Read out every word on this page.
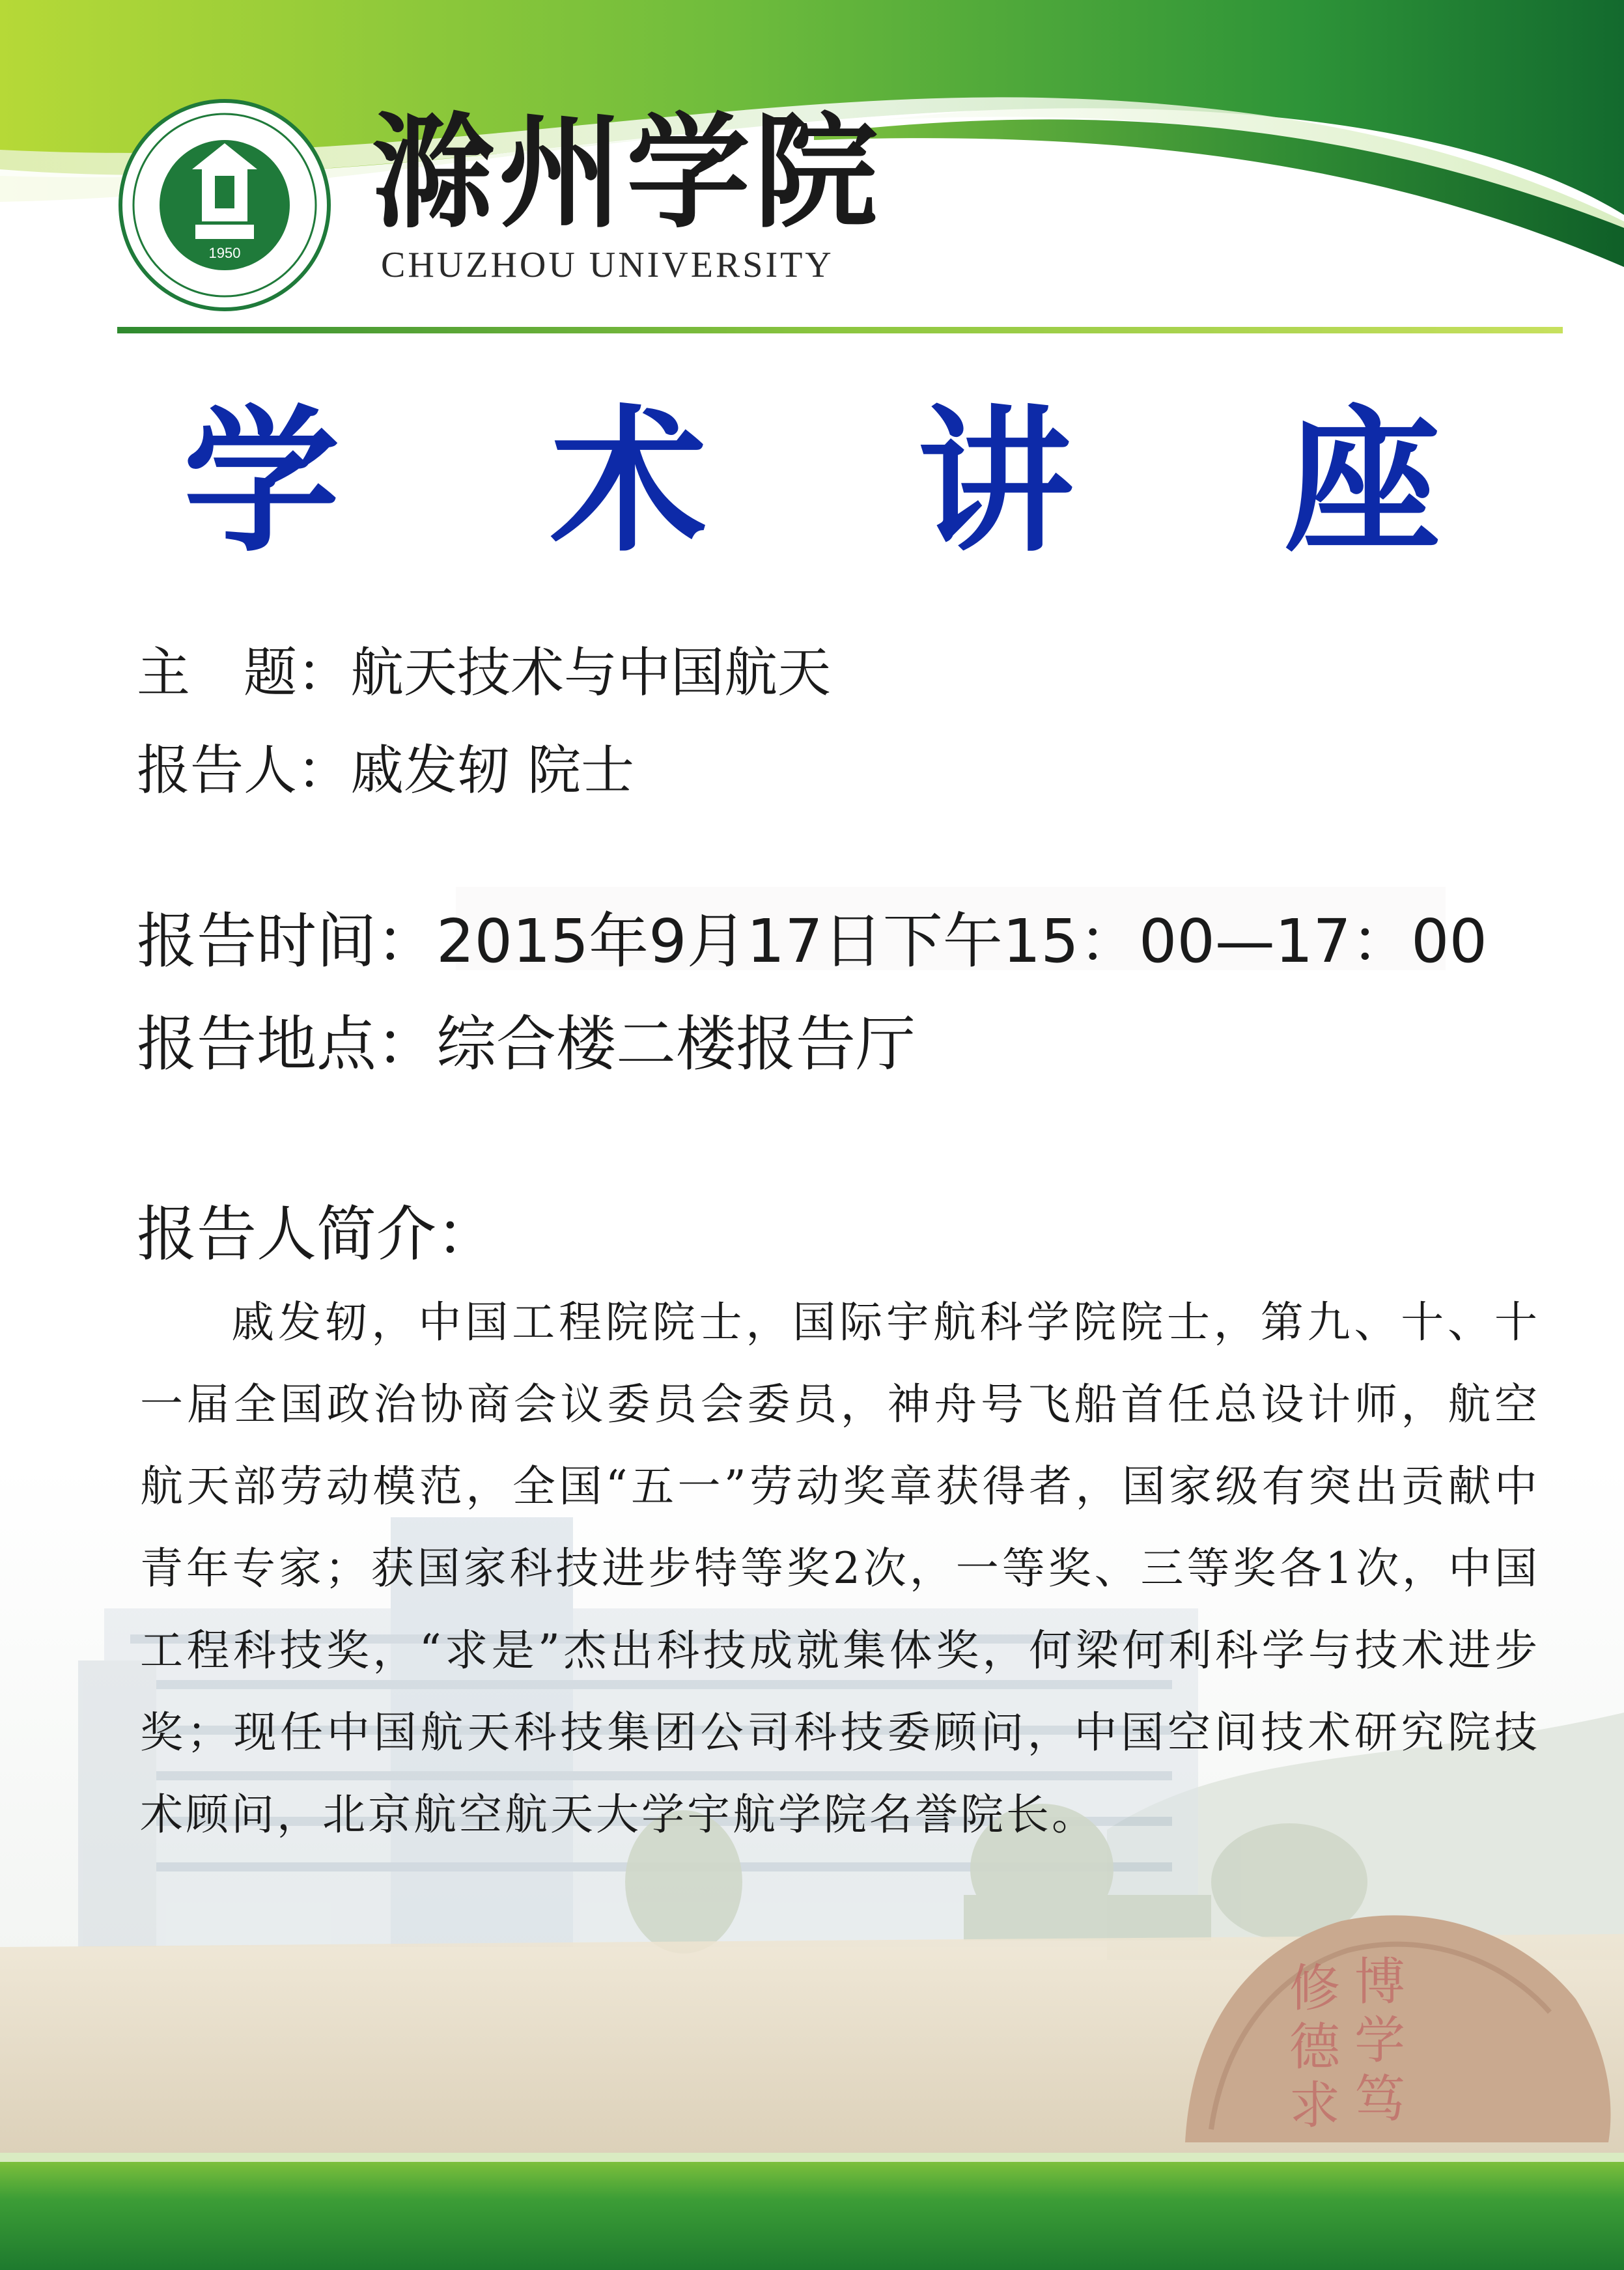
1950
滁州学院
CHUZHOU UNIVERSITY
学 术 讲 座
主　题：航天技术与中国航天
报告人：戚发轫 院士
报告时间：2015年9月17日下午15：00—17：00
报告地点：综合楼二楼报告厅
报告人简介：
博
学
笃
修
德
求
戚发轫，中国工程院院士，国际宇航科学院院士，第九、十、十一届全国政治协商会议委员会委员，神舟号飞船首任总设计师，航空航天部劳动模范，全国“五一”劳动奖章获得者，国家级有突出贡献中青年专家；获国家科技进步特等奖2次，一等奖、三等奖各1次，中国工程科技奖，“求是”杰出科技成就集体奖，何梁何利科学与技术进步奖；现任中国航天科技集团公司科技委顾问，中国空间技术研究院技术顾问，北京航空航天大学宇航学院名誉院长。
